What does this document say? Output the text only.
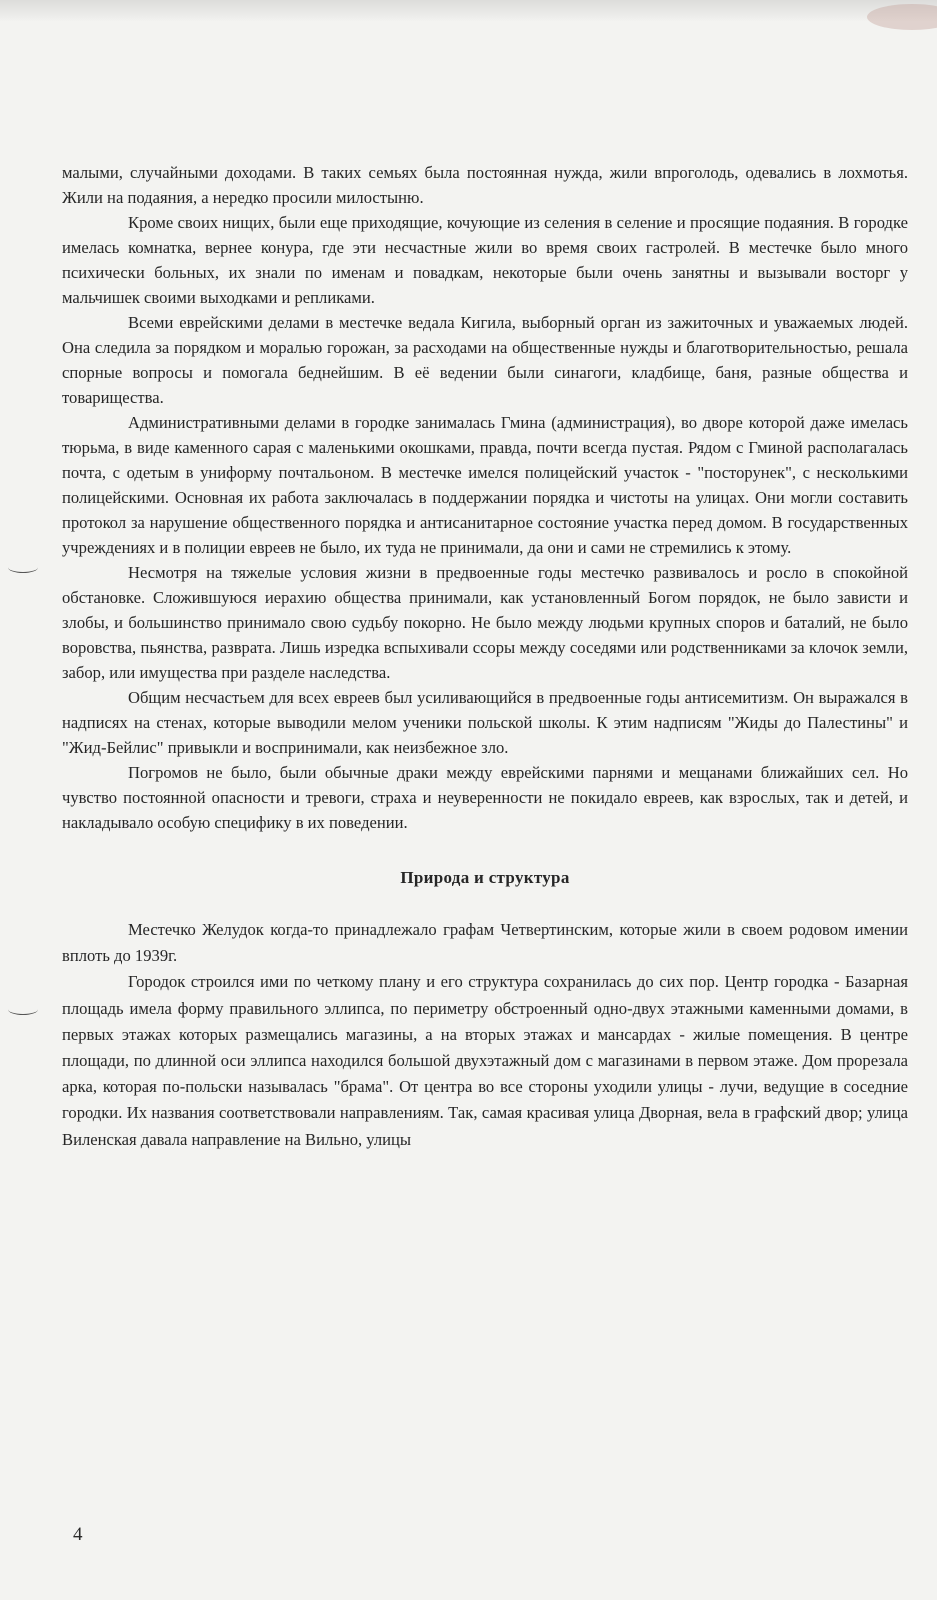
малыми, случайными доходами. В таких семьях была постоянная нужда, жили впроголодь, одевались в лохмотья. Жили на подаяния, а нередко просили милостыню.

Кроме своих нищих, были еще приходящие, кочующие из селения в селение и просящие подаяния. В городке имелась комнатка, вернее конура, где эти несчастные жили во время своих гастролей. В местечке было много психически больных, их знали по именам и повадкам, некоторые были очень занятны и вызывали восторг у мальчишек своими выходками и репликами.

Всеми еврейскими делами в местечке ведала Кигила, выборный орган из зажиточных и уважаемых людей. Она следила за порядком и моралью горожан, за расходами на общественные нужды и благотворительностью, решала спорные вопросы и помогала беднейшим. В её ведении были синагоги, кладбище, баня, разные общества и товарищества.

Административными делами в городке занималась Гмина (администрация), во дворе которой даже имелась тюрьма, в виде каменного сарая с маленькими окошками, правда, почти всегда пустая. Рядом с Гминой располагалась почта, с одетым в униформу почтальоном. В местечке имелся полицейский участок - "посторунек", с несколькими полицейскими. Основная их работа заключалась в поддержании порядка и чистоты на улицах. Они могли составить протокол за нарушение общественного порядка и антисанитарное состояние участка перед домом. В государственных учреждениях и в полиции евреев не было, их туда не принимали, да они и сами не стремились к этому.

Несмотря на тяжелые условия жизни в предвоенные годы местечко развивалось и росло в спокойной обстановке. Сложившуюся иерахию общества принимали, как установленный Богом порядок, не было зависти и злобы, и большинство принимало свою судьбу покорно. Не было между людьми крупных споров и баталий, не было воровства, пьянства, разврата. Лишь изредка вспыхивали ссоры между соседями или родственниками за клочок земли, забор, или имущества при разделе наследства.

Общим несчастьем для всех евреев был усиливающийся в предвоенные годы антисемитизм. Он выражался в надписях на стенах, которые выводили мелом ученики польской школы. К этим надписям "Жиды до Палестины" и "Жид-Бейлис" привыкли и воспринимали, как неизбежное зло.

Погромов не было, были обычные драки между еврейскими парнями и мещанами ближайших сел. Но чувство постоянной опасности и тревоги, страха и неуверенности не покидало евреев, как взрослых, так и детей, и накладывало особую специфику в их поведении.

Природа и структура

Местечко Желудок когда-то принадлежало графам Четвертинским, которые жили в своем родовом имении вплоть до 1939г.

Городок строился ими по четкому плану и его структура сохранилась до сих пор. Центр городка - Базарная площадь имела форму правильного эллипса, по периметру обстроенный одно-двух этажными каменными домами, в первых этажах которых размещались магазины, а на вторых этажах и мансардах - жилые помещения. В центре площади, по длинной оси эллипса находился большой двухэтажный дом с магазинами в первом этаже. Дом прорезала арка, которая по-польски называлась "брама". От центра во все стороны уходили улицы - лучи, ведущие в соседние городки. Их названия соответствовали направлениям. Так, самая красивая улица Дворная, вела в графский двор; улица Виленская давала направление на Вильно, улицы

4
